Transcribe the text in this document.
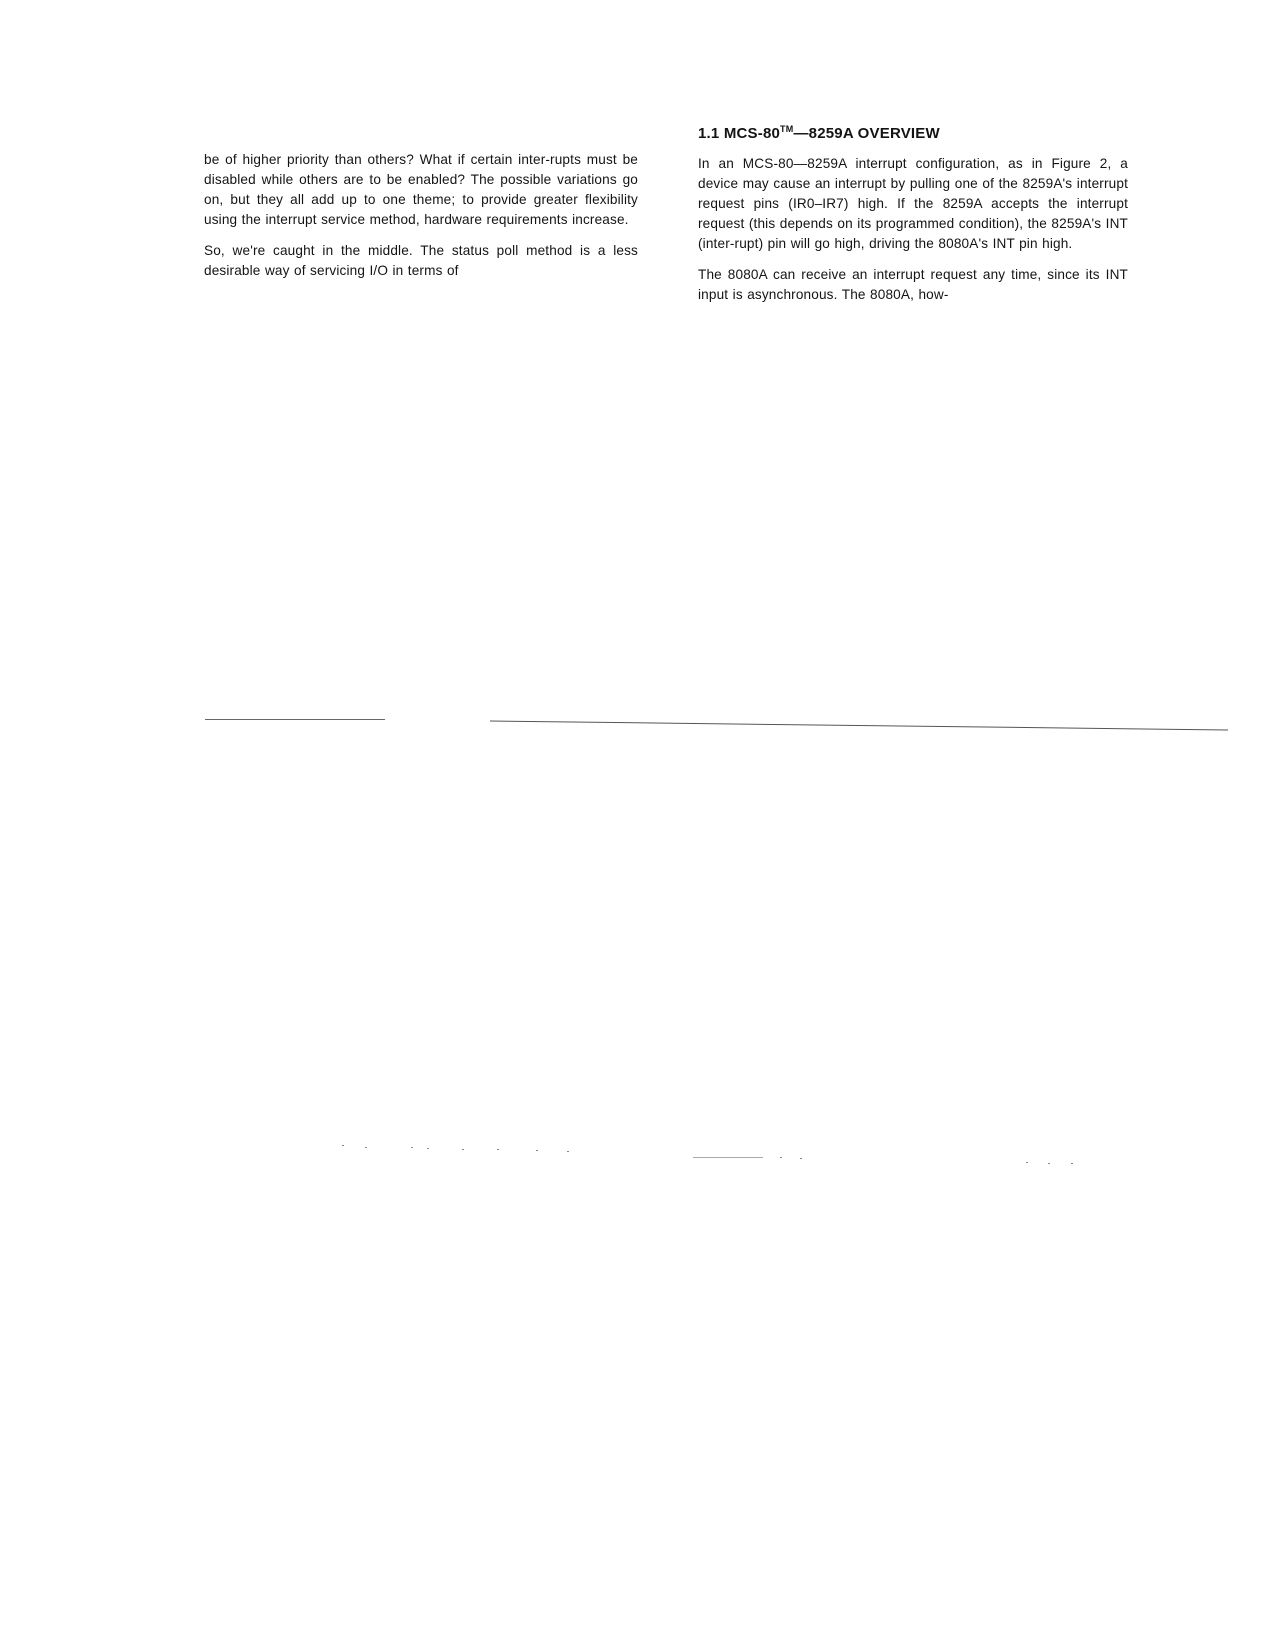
be of higher priority than others? What if certain inter-rupts must be disabled while others are to be enabled? The possible variations go on, but they all add up to one theme; to provide greater flexibility using the interrupt service method, hardware requirements increase.

So, we're caught in the middle. The status poll method is a less desirable way of servicing I/O in terms of

1.1 MCS-80™—8259A OVERVIEW

In an MCS-80—8259A interrupt configuration, as in Figure 2, a device may cause an interrupt by pulling one of the 8259A's interrupt request pins (IR0–IR7) high. If the 8259A accepts the interrupt request (this depends on its programmed condition), the 8259A's INT (inter-rupt) pin will go high, driving the 8080A's INT pin high.

The 8080A can receive an interrupt request any time, since its INT input is asynchronous. The 8080A, how-
